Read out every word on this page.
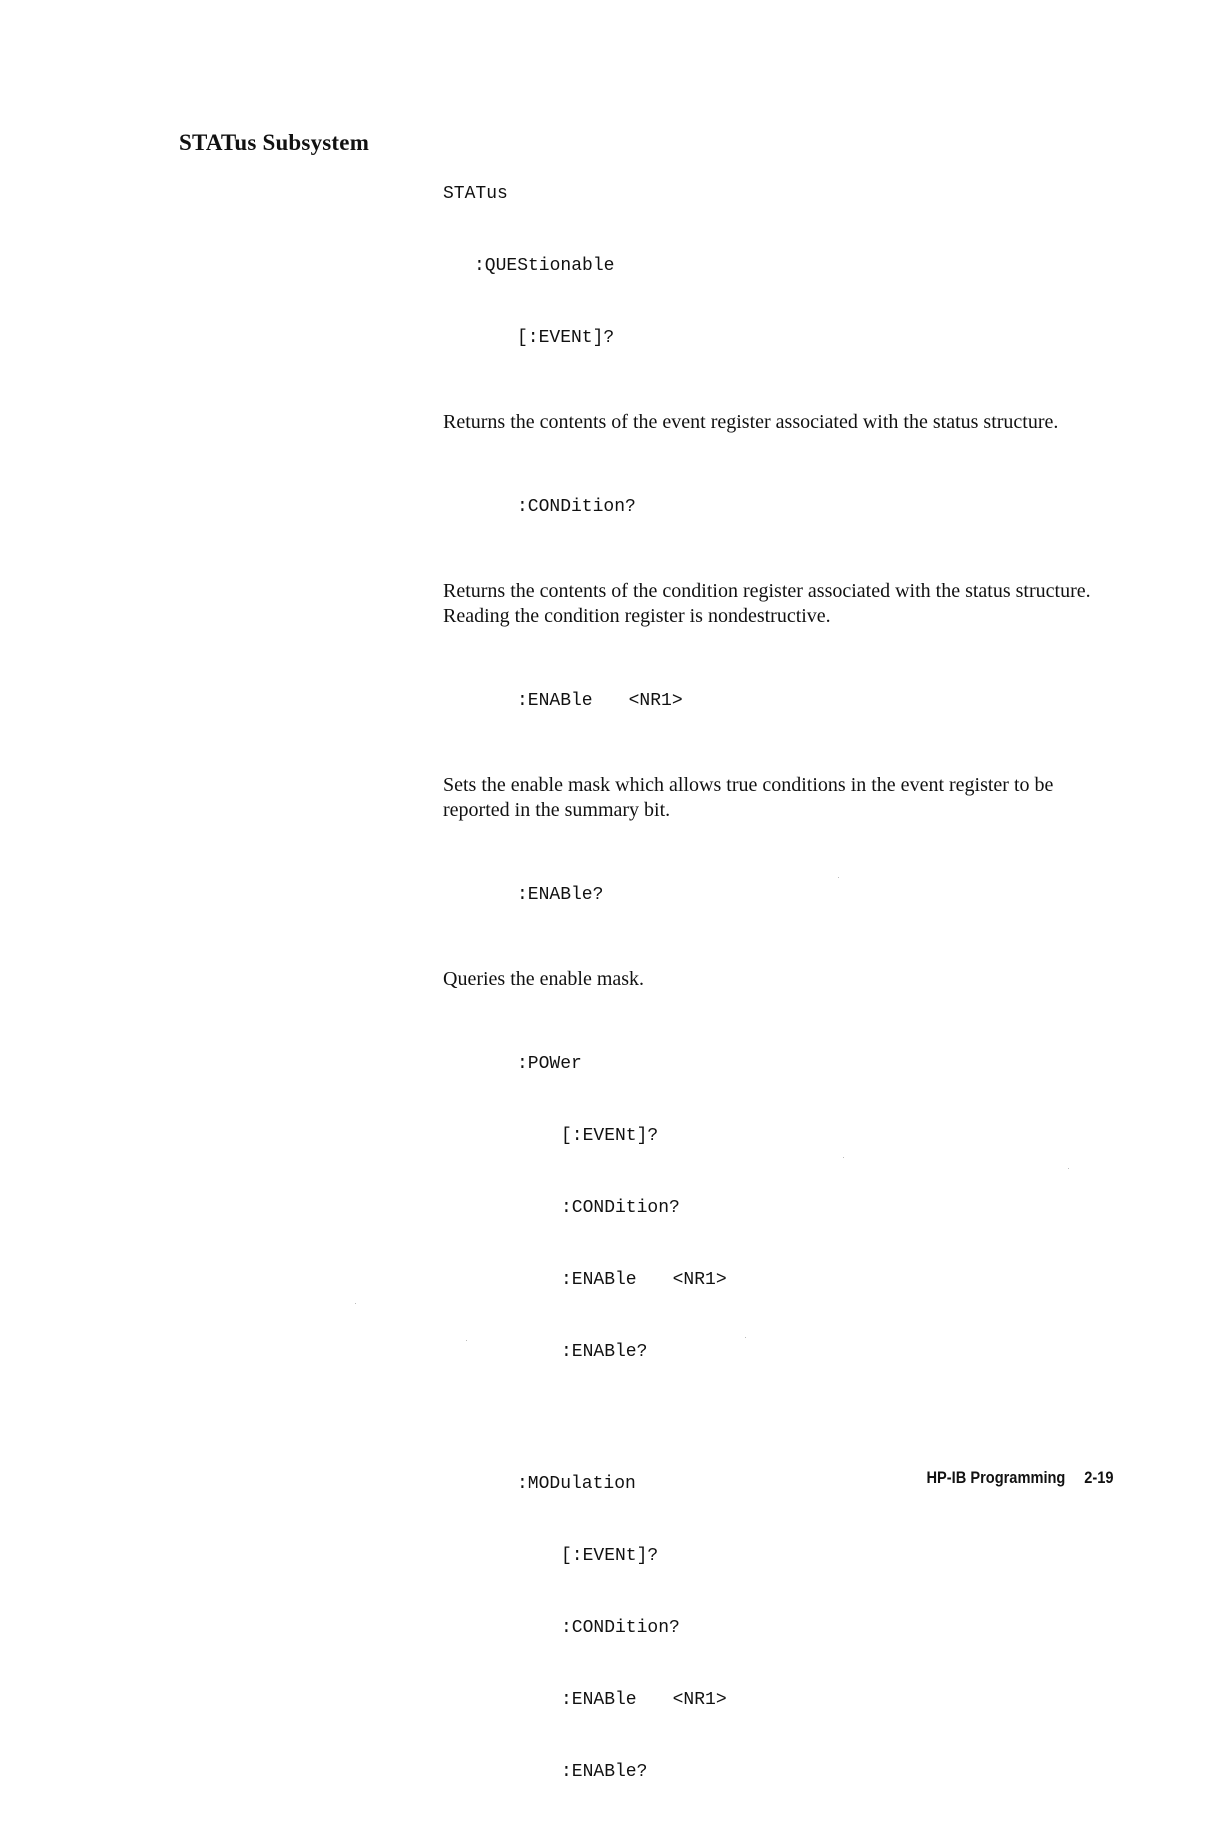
STATus Subsystem

STATus

:QUEStionable

[:EVENt]?

Returns the contents of the event register associated with the status structure.

:CONDition?

Returns the contents of the condition register associated with the status structure. Reading the condition register is nondestructive.

:ENABle <NR1>

Sets the enable mask which allows true conditions in the event register to be reported in the summary bit.

:ENABle?

Queries the enable mask.

:POWer

[:EVENt]?

:CONDition?

:ENABle <NR1>

:ENABle?

:MODulation

[:EVENt]?

:CONDition?

:ENABle <NR1>

:ENABle?

HP-IB Programming 2-19
